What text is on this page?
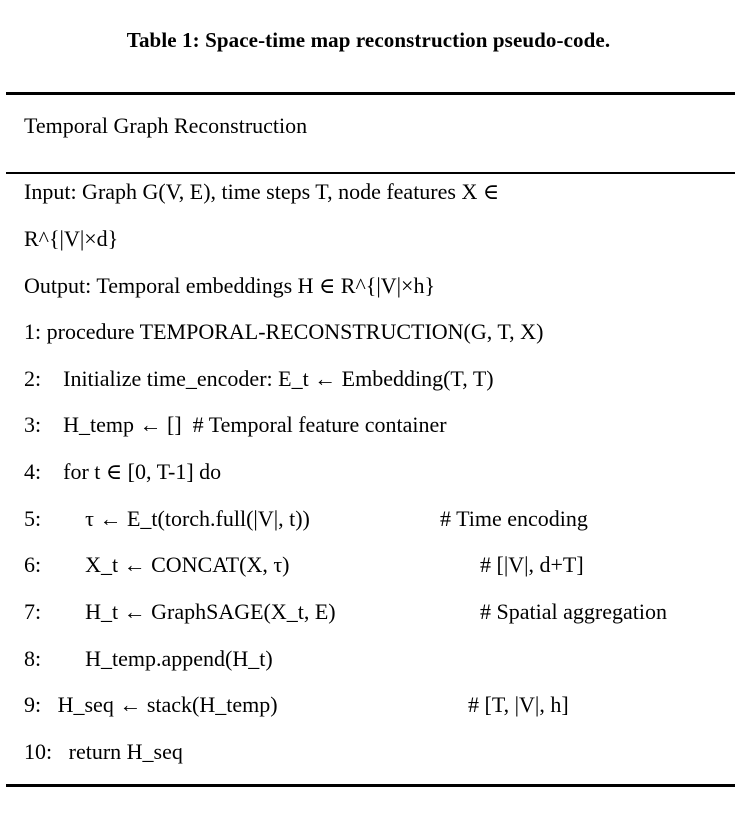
Table 1: Space-time map reconstruction pseudo-code.
Temporal Graph Reconstruction
Input: Graph G(V, E), time steps T, node features X ∈
R^{|V|×d}
Output: Temporal embeddings H ∈ R^{|V|×h}
1: procedure TEMPORAL-RECONSTRUCTION(G, T, X)
2:    Initialize time_encoder: E_t ← Embedding(T, T)
3:    H_temp ← []  # Temporal feature container
4:    for t ∈ [0, T-1] do
5:        τ ← E_t(torch.full(|V|, t))	# Time encoding
6:        X_t ← CONCAT(X, τ)	# [|V|, d+T]
7:        H_t ← GraphSAGE(X_t, E)	# Spatial aggregation
8:        H_temp.append(H_t)
9:   H_seq ← stack(H_temp)	# [T, |V|, h]
10:   return H_seq
